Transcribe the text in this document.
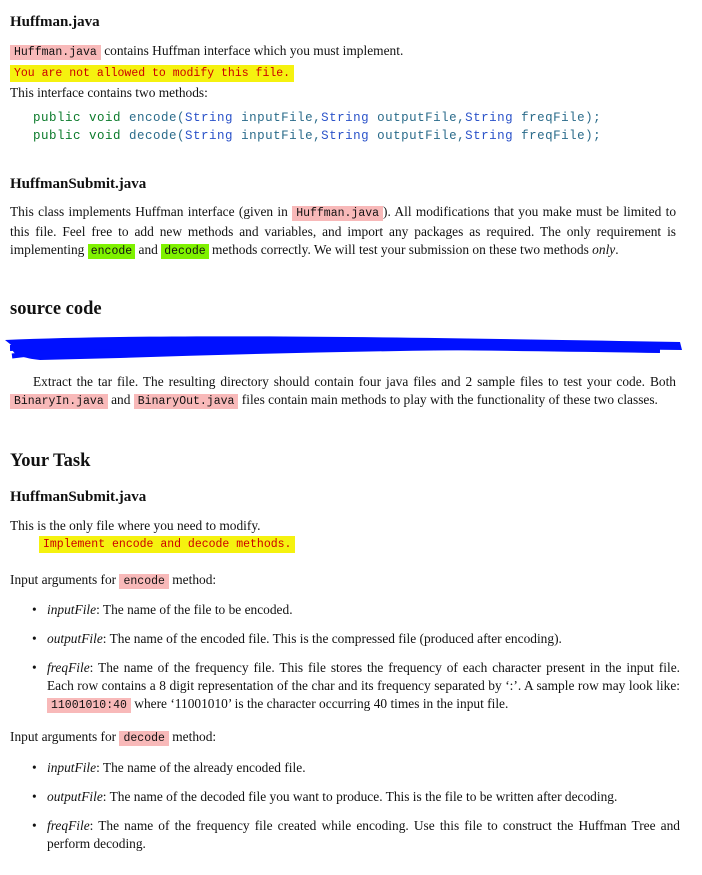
Huffman.java
Huffman.java contains Huffman interface which you must implement.
You are not allowed to modify this file.
This interface contains two methods:
public void encode(String inputFile,String outputFile,String freqFile);
public void decode(String inputFile,String outputFile,String freqFile);
HuffmanSubmit.java
This class implements Huffman interface (given in Huffman.java ). All modifications that you make must be limited to this file. Feel free to add new methods and variables, and import any packages as required. The only requirement is implementing encode and decode methods correctly. We will test your submission on these two methods only.
source code
Extract the tar file. The resulting directory should contain four java files and 2 sample files to test your code. Both BinaryIn.java and BinaryOut.java files contain main methods to play with the functionality of these two classes.
Your Task
HuffmanSubmit.java
This is the only file where you need to modify.
Implement encode and decode methods.
Input arguments for encode method:
• inputFile: The name of the file to be encoded.
• outputFile: The name of the encoded file. This is the compressed file (produced after encoding).
• freqFile: The name of the frequency file. This file stores the frequency of each character present in the input file. Each row contains a 8 digit representation of the char and its frequency separated by ‘:’. A sample row may look like: 11001010:40 where ‘11001010’ is the character occurring 40 times in the input file.
Input arguments for decode method:
• inputFile: The name of the already encoded file.
• outputFile: The name of the decoded file you want to produce. This is the file to be written after decoding.
• freqFile: The name of the frequency file created while encoding. Use this file to construct the Huffman Tree and perform decoding.
